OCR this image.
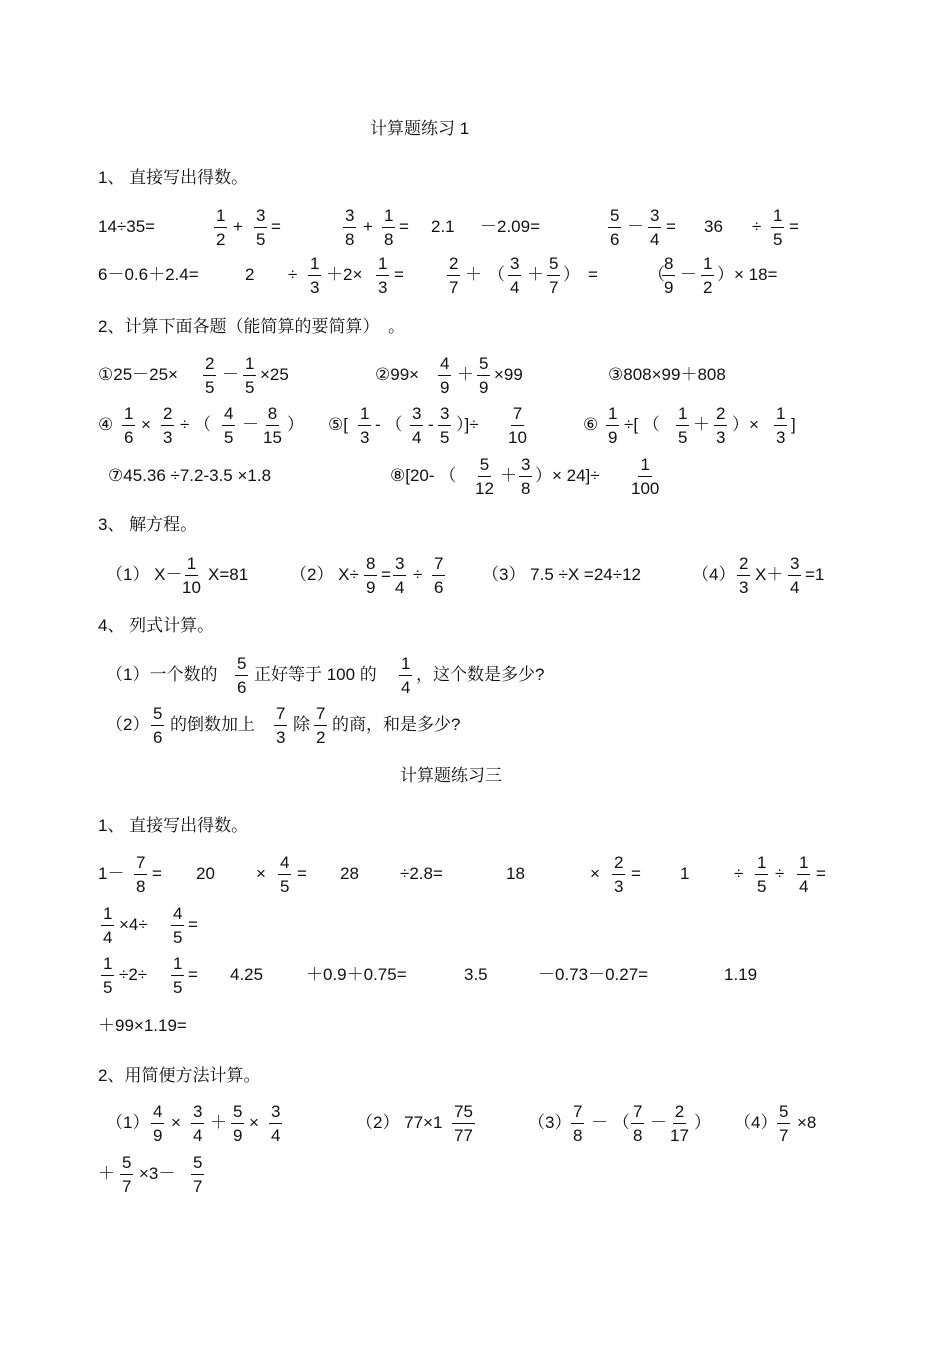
计算题练习 1
1、 直接写出得数。
14÷35=
1
2
+
3
5
=
3
8
+
1
8
= 2.1 －2.09=
5
6
－
3
4
= 36 ÷
1
5
=
6－0.6＋2.4=	2 ÷
1
3
＋2×
1
3
=
2
7
＋ （
3
4
＋
5
7
） =	（
8
9
－
1
2
）× 18=
2、计算下面各题（能简算的要简算）　。
①25－25×
2
5
－
1
5
×25	②99×
4
9
＋
5
9
×99	③808×99＋808
④
1
6
×
2
3
÷ （
4
5
－
8
15
） ⑤[
1
3
- （
3
4
-
3
5
）]÷
7
10
⑥
1
9
÷[ （
1
5
＋
2
3
）×
1
3
]
⑦45.36 ÷7.2-3.5 ×1.8	⑧[20- （
5
12
＋
3
8
）× 24]÷
1
100
3、 解方程。
（1） X－
1
10
X=81 （2） X÷
8
9
=
3
4
÷
7
6
（3） 7.5 ÷X =24÷12	（4）
2
3
X＋
3
4
=1
4、 列式计算。
（1）一个数的
5
6
正好等于 100 的
1
4
，这个数是多少?
（2）
5
6
的倒数加上
7
3
除
7
2
的商，和是多少?
计算题练习三
1、 直接写出得数。
1－
7
8
= 20 ×
4
5
= 28 ÷2.8=	18	×
2
3
= 1	÷
1
5
÷
1
4
=
1
4
×4÷
4
5
=
1
5
÷2÷
1
5
= 4.25	＋0.9＋0.75=	3.5	－0.73－0.27=	1.19
＋99×1.19=
2、用简便方法计算。
（1）
4
9
×
3
4
＋
5
9
×
3
4
（2） 77×1
75
77
（3）
7
8
－ （
7
8
－
2
17
） （4）
5
7
×8
＋
5
7
×3－
5
7
